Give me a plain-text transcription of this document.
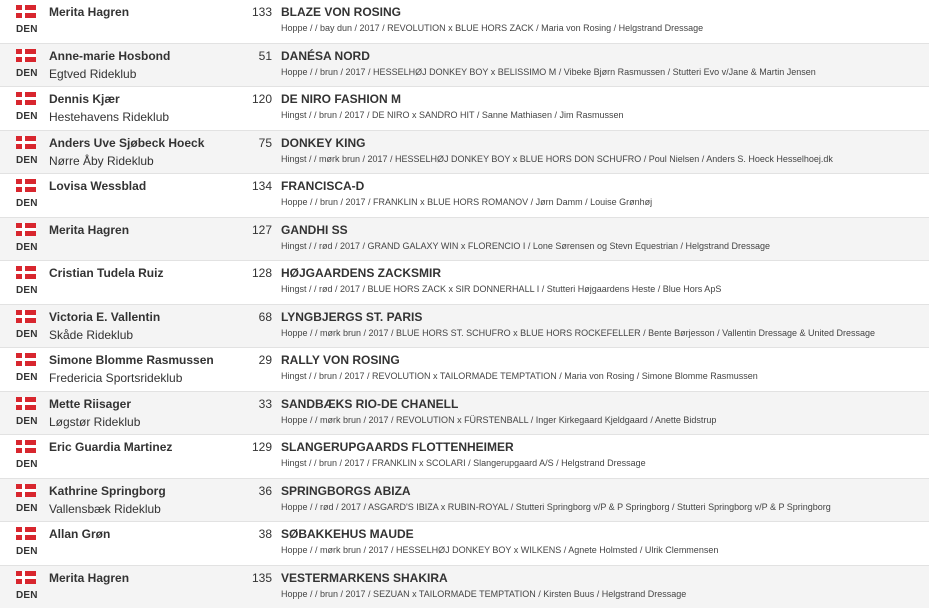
DEN
Merita Hagren	133 BLAZE VON ROSING
Hoppe / / bay dun / 2017 / REVOLUTION x BLUE HORS ZACK / Maria von Rosing / Helgstrand Dressage
DEN
Anne-marie Hosbond
Egtved Rideklub
51 DANÉSA NORD
Hoppe / / brun / 2017 / HESSELHØJ DONKEY BOY x BELISSIMO M / Vibeke Bjørn Rasmussen / Stutteri Evo v/Jane & Martin Jensen
DEN
Dennis Kjær
Hestehavens Rideklub
120 DE NIRO FASHION M
Hingst / / brun / 2017 / DE NIRO x SANDRO HIT / Sanne Mathiasen / Jim Rasmussen
DEN
Anders Uve Sjøbeck Hoeck
Nørre Åby Rideklub
75 DONKEY KING
Hingst / / mørk brun / 2017 / HESSELHØJ DONKEY BOY x BLUE HORS DON SCHUFRO / Poul Nielsen / Anders S. Hoeck Hesselhoej.dk
DEN
Lovisa Wessblad	134 FRANCISCA-D
Hoppe / / brun / 2017 / FRANKLIN x BLUE HORS ROMANOV / Jørn Damm / Louise Grønhøj
DEN
Merita Hagren	127 GANDHI SS
Hingst / / rød / 2017 / GRAND GALAXY WIN x FLORENCIO I / Lone Sørensen og Stevn Equestrian / Helgstrand Dressage
DEN
Cristian Tudela Ruiz	128 HØJGAARDENS ZACKSMIR
Hingst / / rød / 2017 / BLUE HORS ZACK x SIR DONNERHALL I / Stutteri Højgaardens Heste / Blue Hors ApS
DEN
Victoria E. Vallentin
Skåde Rideklub
68 LYNGBJERGS ST. PARIS
Hoppe / / mørk brun / 2017 / BLUE HORS ST. SCHUFRO x BLUE HORS ROCKEFELLER / Bente Børjesson / Vallentin Dressage & United Dressage
DEN
Simone Blomme Rasmussen
Fredericia Sportsrideklub
29 RALLY VON ROSING
Hingst / / brun / 2017 / REVOLUTION x TAILORMADE TEMPTATION / Maria von Rosing / Simone Blomme Rasmussen
DEN
Mette Riisager
Løgstør Rideklub
33 SANDBÆKS RIO-DE CHANELL
Hoppe / / mørk brun / 2017 / REVOLUTION x FÜRSTENBALL / Inger Kirkegaard Kjeldgaard / Anette Bidstrup
DEN
Eric Guardia Martinez	129 SLANGERUPGAARDS FLOTTENHEIMER
Hingst / / brun / 2017 / FRANKLIN x SCOLARI / Slangerupgaard A/S / Helgstrand Dressage
DEN
Kathrine Springborg
Vallensbæk Rideklub
36 SPRINGBORGS ABIZA
Hoppe / / rød / 2017 / ASGARD'S IBIZA x RUBIN-ROYAL / Stutteri Springborg v/P & P Springborg / Stutteri Springborg v/P & P Springborg
DEN
Allan Grøn	38 SØBAKKEHUS MAUDE
Hoppe / / mørk brun / 2017 / HESSELHØJ DONKEY BOY x WILKENS / Agnete Holmsted / Ulrik Clemmensen
DEN
Merita Hagren	135 VESTERMARKENS SHAKIRA
Hoppe / / brun / 2017 / SEZUAN x TAILORMADE TEMPTATION / Kirsten Buus / Helgstrand Dressage
